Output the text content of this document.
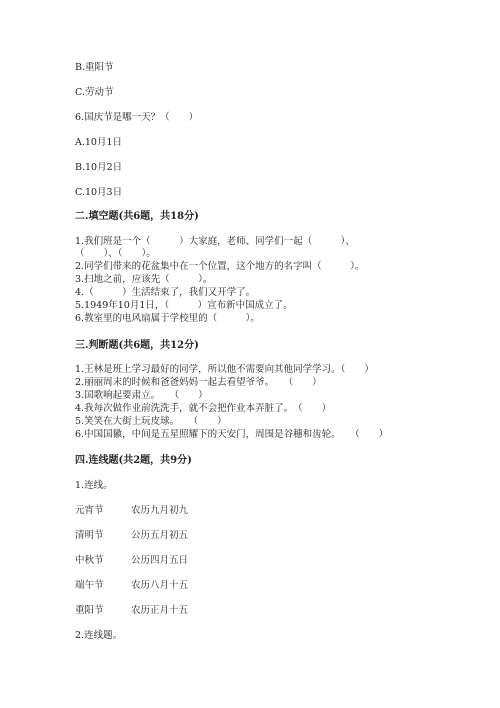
B.重阳节
C.劳动节
6.国庆节是哪一天？（　　）
A.10月1日
B.10月2日
C.10月3日
二.填空题(共6题，共18分)
1.我们班是一个（　　　）大家庭，老师、同学们一起（　　　）、
（　　）、（　　）。
2.同学们带来的花盆集中在一个位置，这个地方的名字叫（　　　）。
3.扫地之前，应该先（　　　）。
4.（　　　）生活结束了，我们又开学了。
5.1949年10月1日，（　　　）宣布新中国成立了。
6.教室里的电风扇属于学校里的（　　　）。
三.判断题(共6题，共12分)
1.王林是班上学习最好的同学，所以他不需要向其他同学学习。（　　）
2.丽丽周末的时候和爸爸妈妈一起去看望爷爷。　　（　　）
3.国歌响起要肃立。　　（　　）
4.我每次做作业前洗洗手，就不会把作业本弄脏了。　（　　）
5.笑笑在大街上玩皮球。　　（　　）
6.中国国徽，中间是五星照耀下的天安门，周围是谷穗和齿轮。　　（　　）
四.连线题(共2题，共9分)
1.连线。
元宵节	农历九月初九
清明节	公历五月初五
中秋节	公历四月五日
端午节	农历八月十五
重阳节	农历正月十五
2.连线题。
